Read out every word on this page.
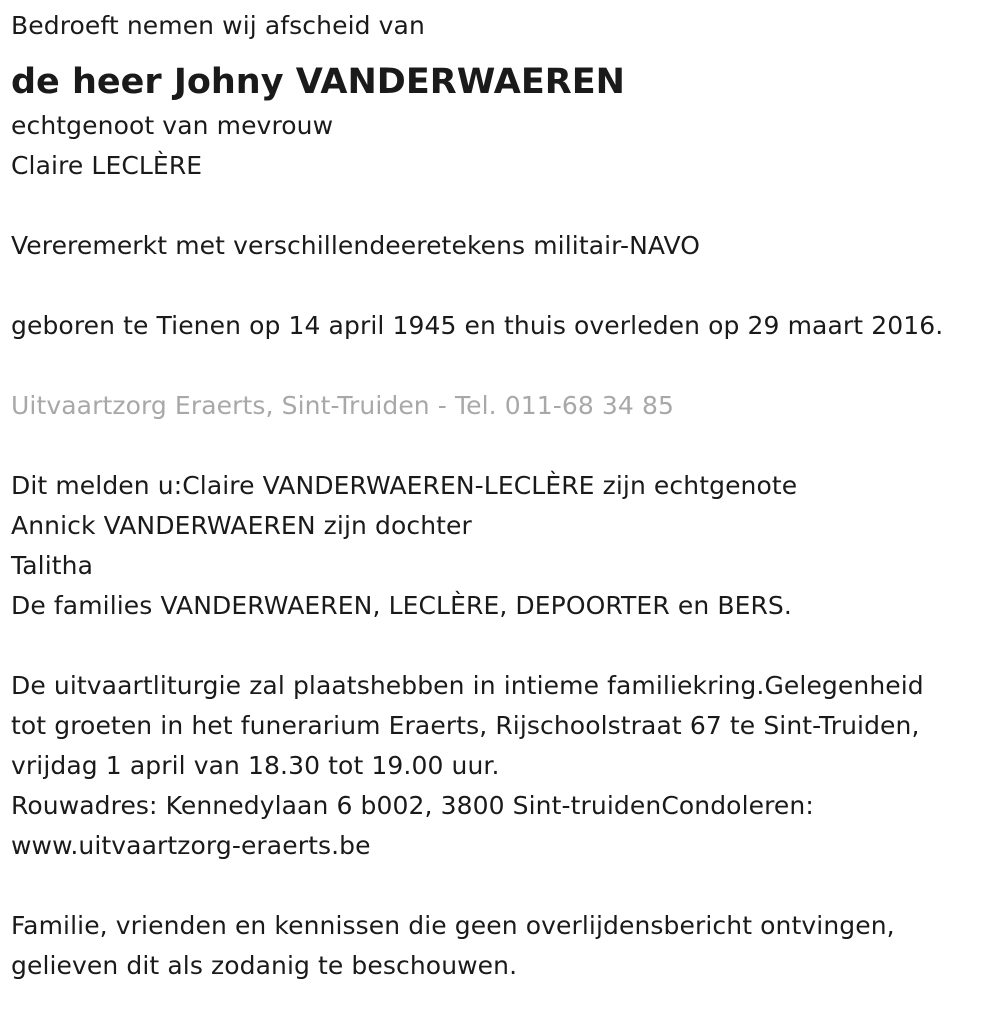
Bedroeft nemen wij afscheid van
de heer Johny VANDERWAEREN
echtgenoot van mevrouw
Claire LECLÈRE
Vereremerkt met verschillendeeretekens militair-NAVO
geboren te Tienen op 14 april 1945 en thuis overleden op 29 maart 2016.
Uitvaartzorg Eraerts, Sint-Truiden - Tel. 011-68 34 85
Dit melden u:Claire VANDERWAEREN-LECLÈRE zijn echtgenote
Annick VANDERWAEREN zijn dochter
Talitha
De families VANDERWAEREN, LECLÈRE, DEPOORTER en BERS.
De uitvaartliturgie zal plaatshebben in intieme familiekring.Gelegenheid
tot groeten in het funerarium Eraerts, Rijschoolstraat 67 te Sint-Truiden,
vrijdag 1 april van 18.30 tot 19.00 uur.
Rouwadres: Kennedylaan 6 b002, 3800 Sint-truidenCondoleren:
www.uitvaartzorg-eraerts.be
Familie, vrienden en kennissen die geen overlijdensbericht ontvingen,
gelieven dit als zodanig te beschouwen.
